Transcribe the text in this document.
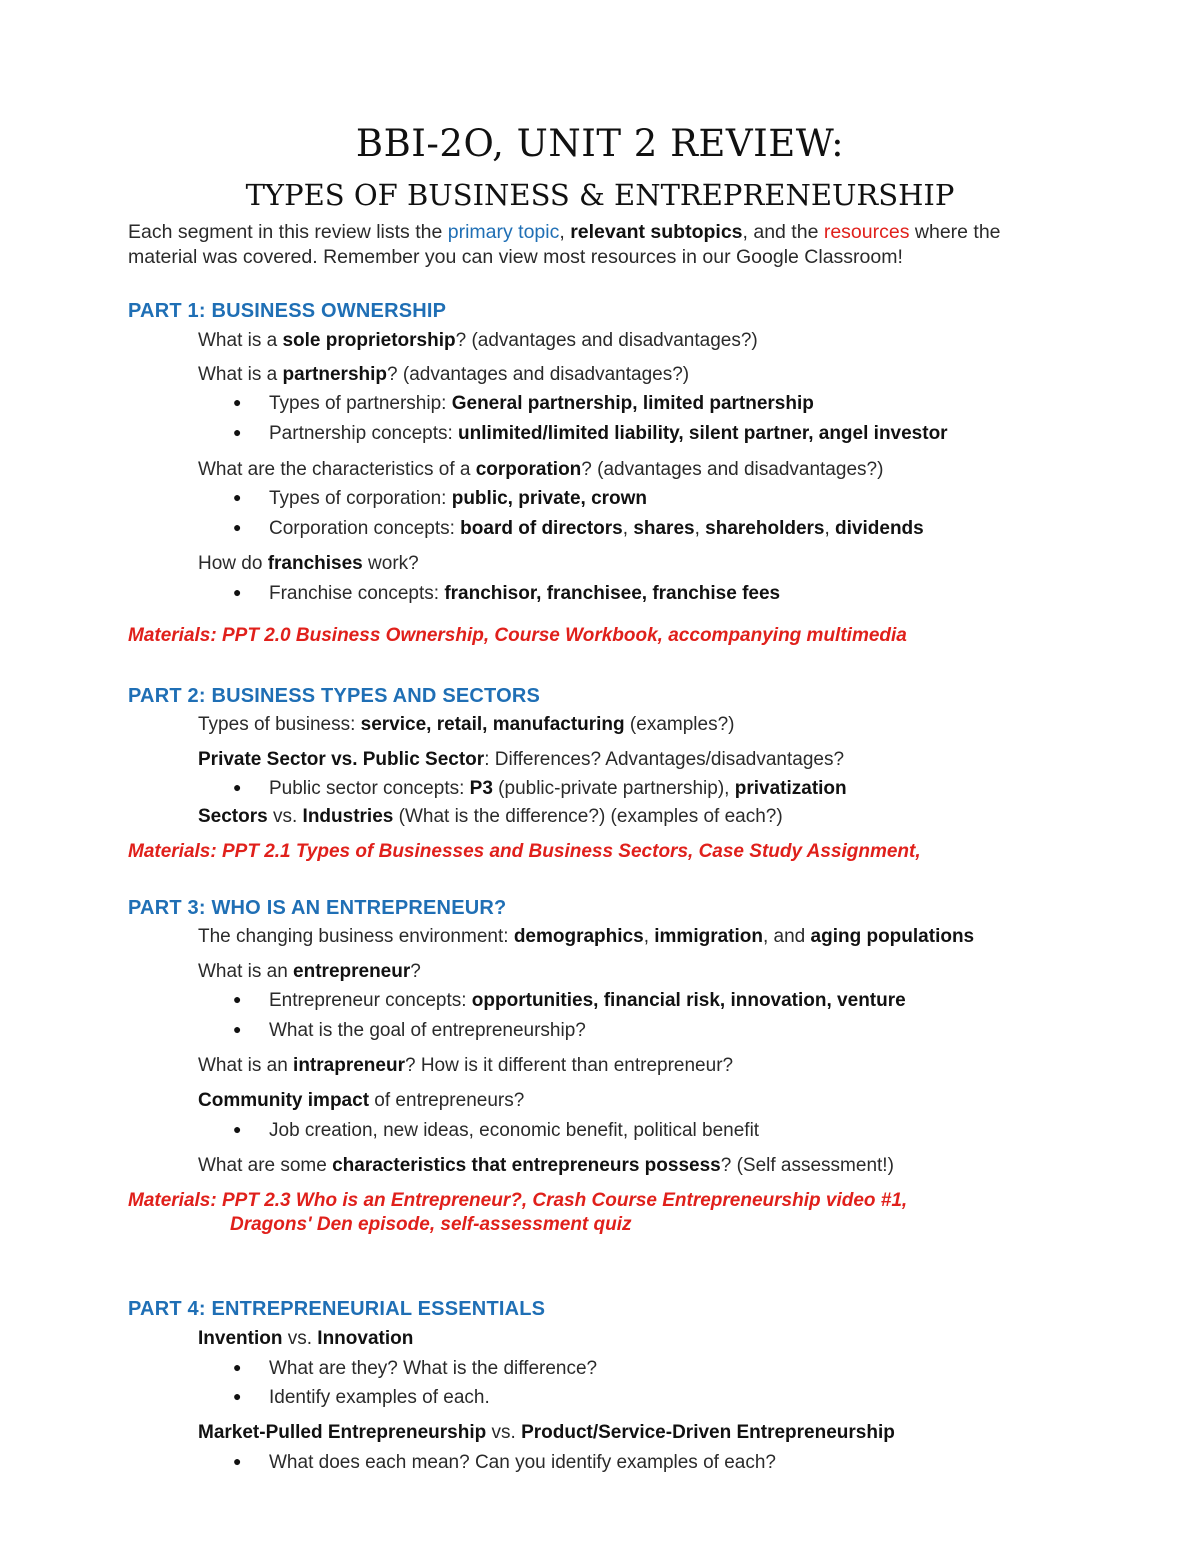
BBI-2O, UNIT 2 REVIEW:
TYPES OF BUSINESS & ENTREPRENEURSHIP

Each segment in this review lists the primary topic, relevant subtopics, and the resources where the material was covered. Remember you can view most resources in our Google Classroom!

PART 1: BUSINESS OWNERSHIP

What is a sole proprietorship? (advantages and disadvantages?)

What is a partnership? (advantages and disadvantages?)

● Types of partnership: General partnership, limited partnership

● Partnership concepts: unlimited/limited liability, silent partner, angel investor

What are the characteristics of a corporation? (advantages and disadvantages?)

● Types of corporation: public, private, crown

● Corporation concepts: board of directors, shares, shareholders, dividends

How do franchises work?

● Franchise concepts: franchisor, franchisee, franchise fees

Materials: PPT 2.0 Business Ownership, Course Workbook, accompanying multimedia

PART 2: BUSINESS TYPES AND SECTORS

Types of business: service, retail, manufacturing (examples?)

Private Sector vs. Public Sector: Differences? Advantages/disadvantages?

● Public sector concepts: P3 (public-private partnership), privatization

Sectors vs. Industries (What is the difference?) (examples of each?)

Materials: PPT 2.1 Types of Businesses and Business Sectors, Case Study Assignment,

PART 3: WHO IS AN ENTREPRENEUR?

The changing business environment: demographics, immigration, and aging populations

What is an entrepreneur?

● Entrepreneur concepts: opportunities, financial risk, innovation, venture

● What is the goal of entrepreneurship?

What is an intrapreneur? How is it different than entrepreneur?

Community impact of entrepreneurs?

● Job creation, new ideas, economic benefit, political benefit

What are some characteristics that entrepreneurs possess? (Self assessment!)

Materials: PPT 2.3 Who is an Entrepreneur?, Crash Course Entrepreneurship video #1,

Dragons' Den episode, self-assessment quiz

PART 4: ENTREPRENEURIAL ESSENTIALS

Invention vs. Innovation

● What are they? What is the difference?

● Identify examples of each.

Market-Pulled Entrepreneurship vs. Product/Service-Driven Entrepreneurship

● What does each mean? Can you identify examples of each?
